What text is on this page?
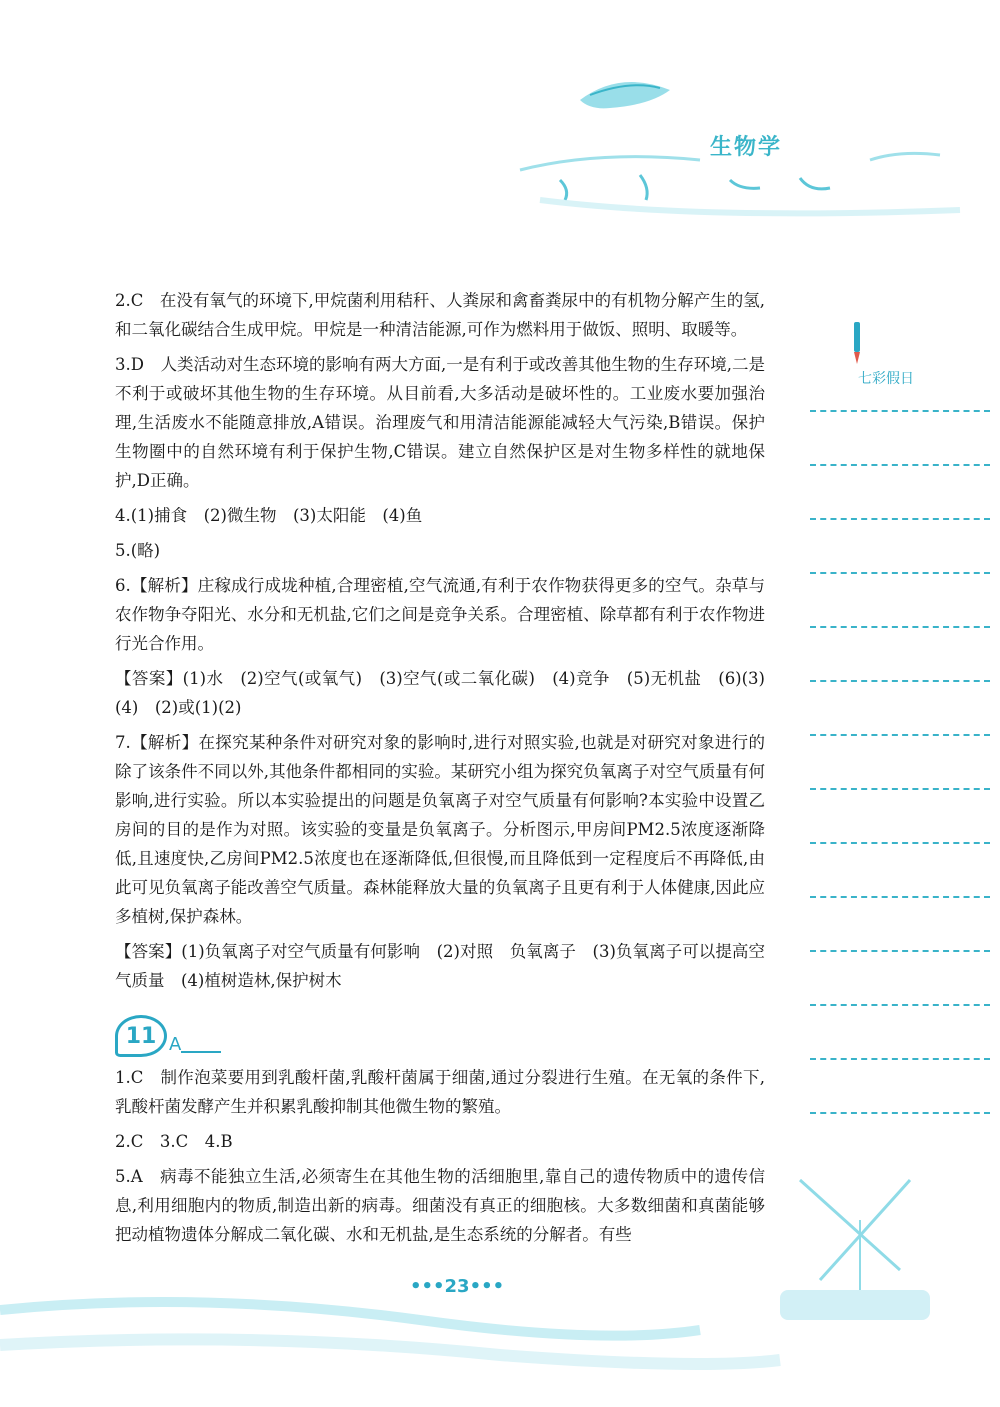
生物学
七彩假日

2.C　在没有氧气的环境下,甲烷菌利用秸秆、人粪尿和禽畜粪尿中的有机物分解产生的氢,和二氧化碳结合生成甲烷。甲烷是一种清洁能源,可作为燃料用于做饭、照明、取暖等。

3.D　人类活动对生态环境的影响有两大方面,一是有利于或改善其他生物的生存环境,二是不利于或破坏其他生物的生存环境。从目前看,大多活动是破坏性的。工业废水要加强治理,生活废水不能随意排放,A错误。治理废气和用清洁能源能减轻大气污染,B错误。保护生物圈中的自然环境有利于保护生物,C错误。建立自然保护区是对生物多样性的就地保护,D正确。

4.(1)捕食　(2)微生物　(3)太阳能　(4)鱼

5.(略)

6.【解析】庄稼成行成垅种植,合理密植,空气流通,有利于农作物获得更多的空气。杂草与农作物争夺阳光、水分和无机盐,它们之间是竞争关系。合理密植、除草都有利于农作物进行光合作用。

【答案】(1)水　(2)空气(或氧气)　(3)空气(或二氧化碳)　(4)竞争　(5)无机盐　(6)(3)(4)　(2)或(1)(2)

7.【解析】在探究某种条件对研究对象的影响时,进行对照实验,也就是对研究对象进行的除了该条件不同以外,其他条件都相同的实验。某研究小组为探究负氧离子对空气质量有何影响,进行实验。所以本实验提出的问题是负氧离子对空气质量有何影响?本实验中设置乙房间的目的是作为对照。该实验的变量是负氧离子。分析图示,甲房间PM2.5浓度逐渐降低,且速度快,乙房间PM2.5浓度也在逐渐降低,但很慢,而且降低到一定程度后不再降低,由此可见负氧离子能改善空气质量。森林能释放大量的负氧离子且更有利于人体健康,因此应多植树,保护森林。

【答案】(1)负氧离子对空气质量有何影响　(2)对照　负氧离子　(3)负氧离子可以提高空气质量　(4)植树造林,保护树木

11 A

1.C　制作泡菜要用到乳酸杆菌,乳酸杆菌属于细菌,通过分裂进行生殖。在无氧的条件下,乳酸杆菌发酵产生并积累乳酸抑制其他微生物的繁殖。

2.C　3.C　4.B

5.A　病毒不能独立生活,必须寄生在其他生物的活细胞里,靠自己的遗传物质中的遗传信息,利用细胞内的物质,制造出新的病毒。细菌没有真正的细胞核。大多数细菌和真菌能够把动植物遗体分解成二氧化碳、水和无机盐,是生态系统的分解者。有些

•••23•••
